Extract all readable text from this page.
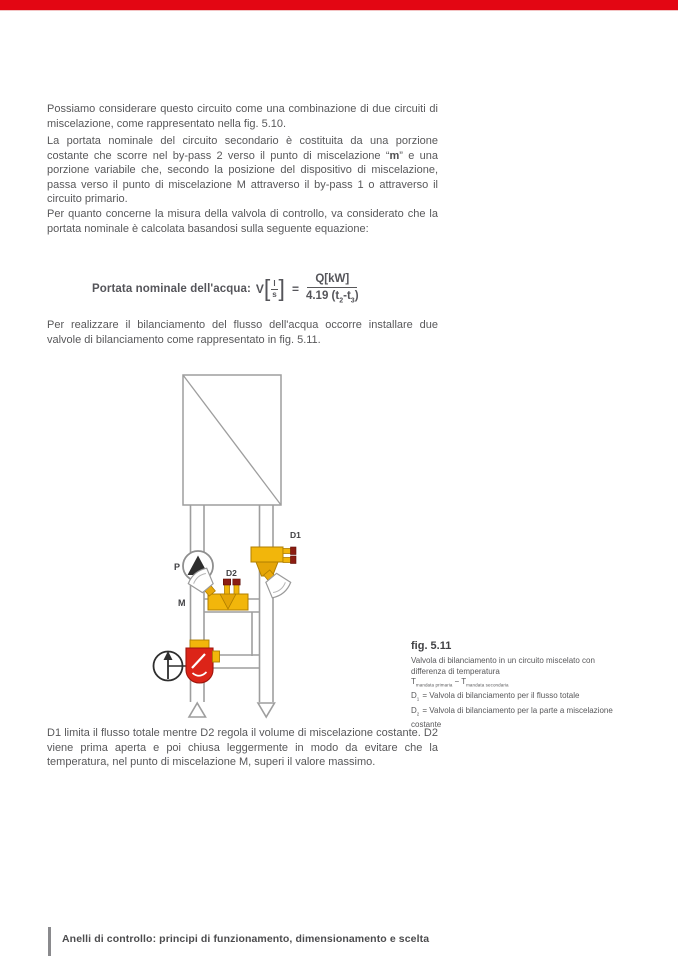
Possiamo considerare questo circuito come una combinazione di due circuiti di miscelazione, come rappresentato nella fig. 5.10.
La portata nominale del circuito secondario è costituita da una porzione costante che scorre nel by-pass 2 verso il punto di miscelazione “m” e una porzione variabile che, secondo la posizione del dispositivo di miscelazione, passa verso il punto di miscelazione M attraverso il by-pass 1 o attraverso il circuito primario.
Per quanto concerne la misura della valvola di controllo, va considerato che la portata nominale è calcolata basandosi sulla seguente equazione:
Portata nominale dell'acqua: V [ $\frac{l}{s}$ ] = $\frac{Q[kW]}{4.19 (t_2-t_3)}$
Per realizzare il bilanciamento del flusso dell'acqua occorre installare due valvole di bilanciamento come rappresentato in fig. 5.11.
P
M
D1
D2
fig. 5.11
Valvola di bilanciamento in un circuito miscelato con differenza di temperatura
$T_{mandata primaria} - T_{mandata secondaria}$
$D_1$ = Valvola di bilanciamento per il flusso totale
$D_2$ = Valvola di bilanciamento per la parte a miscelazione costante
D1 limita il flusso totale mentre D2 regola il volume di miscelazione costante. D2 viene prima aperta e poi chiusa leggermente in modo da evitare che la temperatura, nel punto di miscelazione M, superi il valore massimo.
Anelli di controllo: principi di funzionamento, dimensionamento e scelta
